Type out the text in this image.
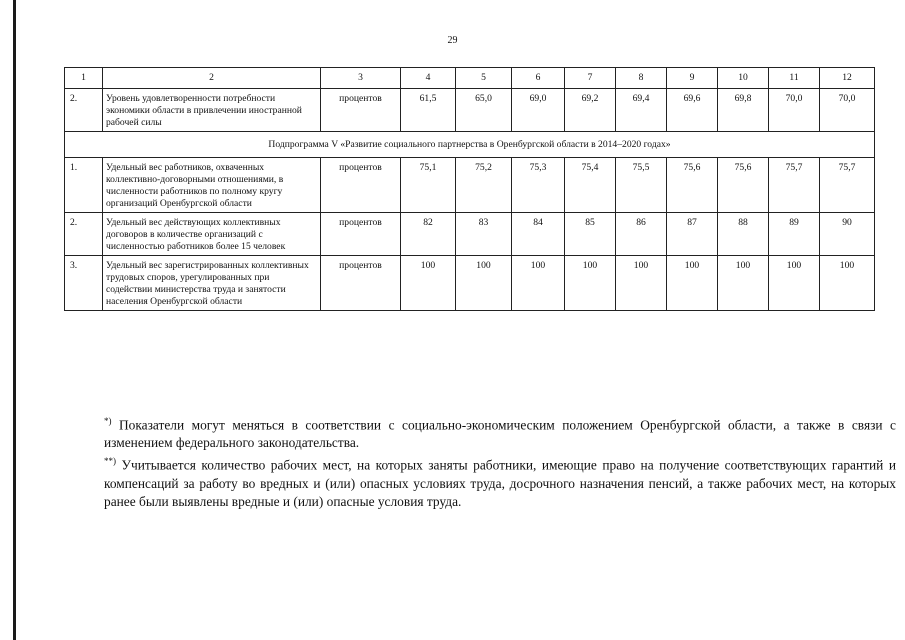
29
1	2	3	4	5	6	7	8	9	10	11	12
2.	Уровень удовлетворенности потребности экономики области в привлечении иностранной рабочей силы	процентов	61,5	65,0	69,0	69,2	69,4	69,6	69,8	70,0	70,0
Подпрограмма V «Развитие социального партнерства в Оренбургской области в 2014–2020 годах»											
1.	Удельный вес работников, охваченных коллективно-договорными отношениями, в численности работников по полному кругу организаций Оренбургской области	процентов	75,1	75,2	75,3	75,4	75,5	75,6	75,6	75,7	75,7
2.	Удельный вес действующих коллективных договоров в количестве организаций с численностью работников более 15 человек	процентов	82	83	84	85	86	87	88	89	90
3.	Удельный вес зарегистрированных коллективных трудовых споров, урегулированных при содействии министерства труда и занятости населения Оренбургской области	процентов	100	100	100	100	100	100	100	100	100

*) Показатели могут меняться в соответствии с социально-экономическим положением Оренбургской области, а также в связи с изменением федерального законодательства.

**) Учитывается количество рабочих мест, на которых заняты работники, имеющие право на получение соответствующих гарантий и компенсаций за работу во вредных и (или) опасных условиях труда, досрочного назначения пенсий, а также рабочих мест, на которых ранее были выявлены вредные и (или) опасные условия труда.
